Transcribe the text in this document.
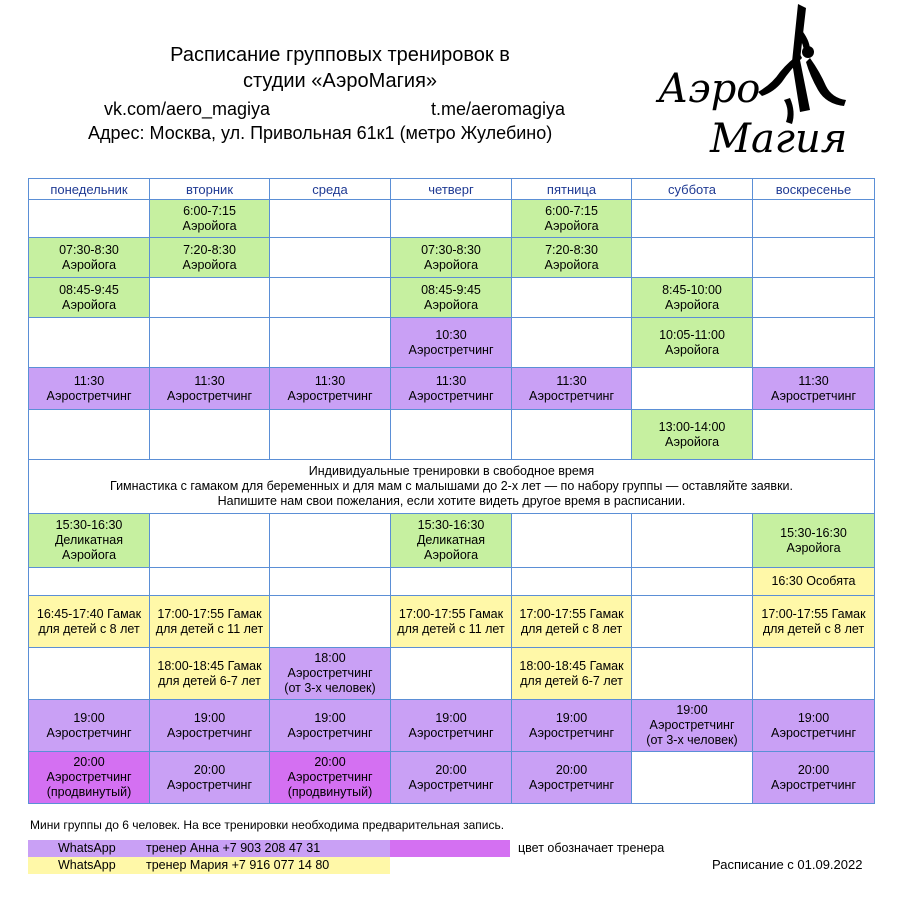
Расписание групповых тренировок в
студии «АэроМагия»
vk.com/aero_magiya	t.me/aeromagiya
Адрес: Москва, ул. Привольная 61к1 (метро Жулебино)
Аэро
Магия
понедельник	вторник	среда	четверг	пятница	суббота	воскресенье

	6:00-7:15
Аэройога			6:00-7:15
Аэройога		

07:30-8:30
Аэройога	7:20-8:30
Аэройога		07:30-8:30
Аэройога	7:20-8:30
Аэройога		

08:45-9:45
Аэройога			08:45-9:45
Аэройога		8:45-10:00
Аэройога	

			10:30
Аэростретчинг		10:05-11:00
Аэройога	

11:30
Аэростретчинг	11:30
Аэростретчинг	11:30
Аэростретчинг	11:30
Аэростретчинг	11:30
Аэростретчинг		11:30
Аэростретчинг

					13:00-14:00
Аэройога	

Индивидуальные тренировки в свободное время
Гимнастика с гамаком для беременных и для мам с малышами до 2-х лет — по набору группы — оставляйте заявки.
Напишите нам свои пожелания, если хотите видеть другое время в расписании.						

15:30-16:30
Деликатная
Аэройога			15:30-16:30
Деликатная
Аэройога			15:30-16:30
Аэройога

						16:30 Особята

16:45-17:40 Гамак
для детей с 8 лет	17:00-17:55 Гамак
для детей с 11 лет		17:00-17:55 Гамак
для детей с 11 лет	17:00-17:55 Гамак
для детей с 8 лет		17:00-17:55 Гамак
для детей с 8 лет

	18:00-18:45 Гамак
для детей 6-7 лет	18:00
Аэростретчинг
(от 3-х человек)		18:00-18:45 Гамак
для детей 6-7 лет		

19:00
Аэростретчинг	19:00
Аэростретчинг	19:00
Аэростретчинг	19:00
Аэростретчинг	19:00
Аэростретчинг	19:00
Аэростретчинг
(от 3-х человек)	19:00
Аэростретчинг

20:00
Аэростретчинг
(продвинутый)	20:00
Аэростретчинг	20:00
Аэростретчинг
(продвинутый)	20:00
Аэростретчинг	20:00
Аэростретчинг		20:00
Аэростретчинг
Мини группы до 6 человек. На все тренировки необходима предварительная запись.
WhatsApp тренер Анна +7 903 208 47 31
WhatsApp тренер Мария +7 916 077 14 80
цвет обозначает тренера
Расписание с 01.09.2022
